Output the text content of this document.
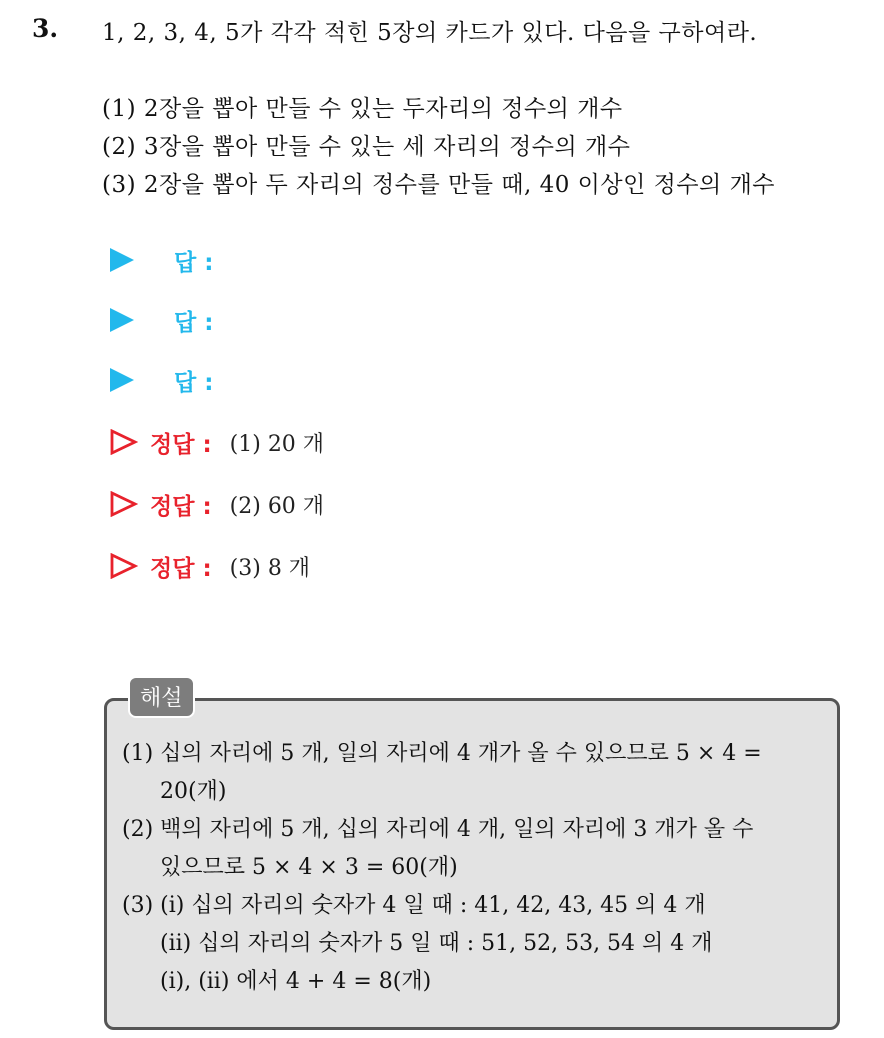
3. 1, 2, 3, 4, 5가 각각 적힌 5장의 카드가 있다. 다음을 구하여라.
(1) 2장을 뽑아 만들 수 있는 두자리의 정수의 개수
(2) 3장을 뽑아 만들 수 있는 세 자리의 정수의 개수
(3) 2장을 뽑아 두 자리의 정수를 만들 때, 40 이상인 정수의 개수
답 :
답 :
답 :
정답 : (1) 20 개
정답 : (2) 60 개
정답 : (3) 8 개
해설
(1) 십의 자리에 5 개, 일의 자리에 4 개가 올 수 있으므로 5 × 4 =
20(개)
(2) 백의 자리에 5 개, 십의 자리에 4 개, 일의 자리에 3 개가 올 수
있으므로 5 × 4 × 3 = 60(개)
(3) (i) 십의 자리의 숫자가 4 일 때 : 41, 42, 43, 45 의 4 개
(ii) 십의 자리의 숫자가 5 일 때 : 51, 52, 53, 54 의 4 개
(i), (ii) 에서 4 + 4 = 8(개)
